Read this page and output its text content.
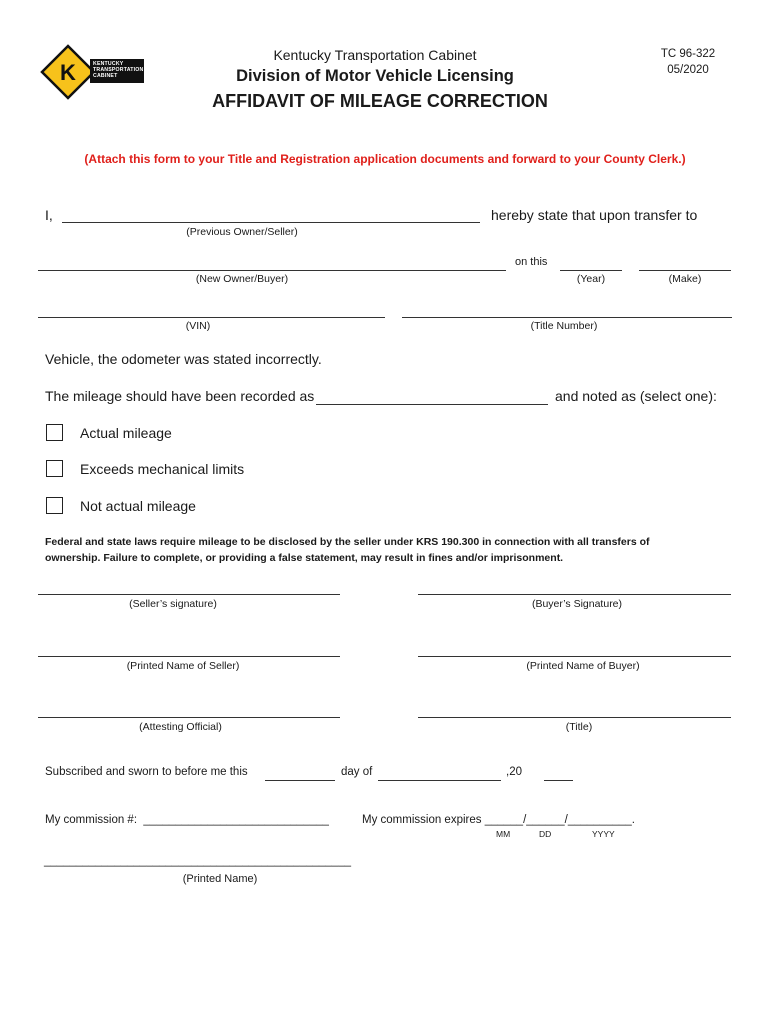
K	KENTUCKY
TRANSPORTATION
CABINET
Kentucky Transportation Cabinet
Division of Motor Vehicle Licensing
AFFIDAVIT OF MILEAGE CORRECTION
TC 96-322
05/2020
(Attach this form to your Title and Registration application documents and forward to your County Clerk.)
I,	hereby state that upon transfer to
(Previous Owner/Seller)
on this
(New Owner/Buyer)	(Year)	(Make)
(VIN)	(Title Number)
Vehicle, the odometer was stated incorrectly.
The mileage should have been recorded as	and noted as (select one):
Actual mileage
Exceeds mechanical limits
Not actual mileage
Federal and state laws require mileage to be disclosed by the seller under KRS 190.300 in connection with all transfers of
ownership. Failure to complete, or providing a false statement, may result in fines and/or imprisonment.
(Seller’s signature)	(Buyer’s Signature)
(Printed Name of Seller)	(Printed Name of Buyer)
(Attesting Official)	(Title)
Subscribed and sworn to before me this	day of	,20
My commission #:  _____________________________	My commission expires ______/______/__________.
MM	DD	YYYY
________________________________________________
(Printed Name)
